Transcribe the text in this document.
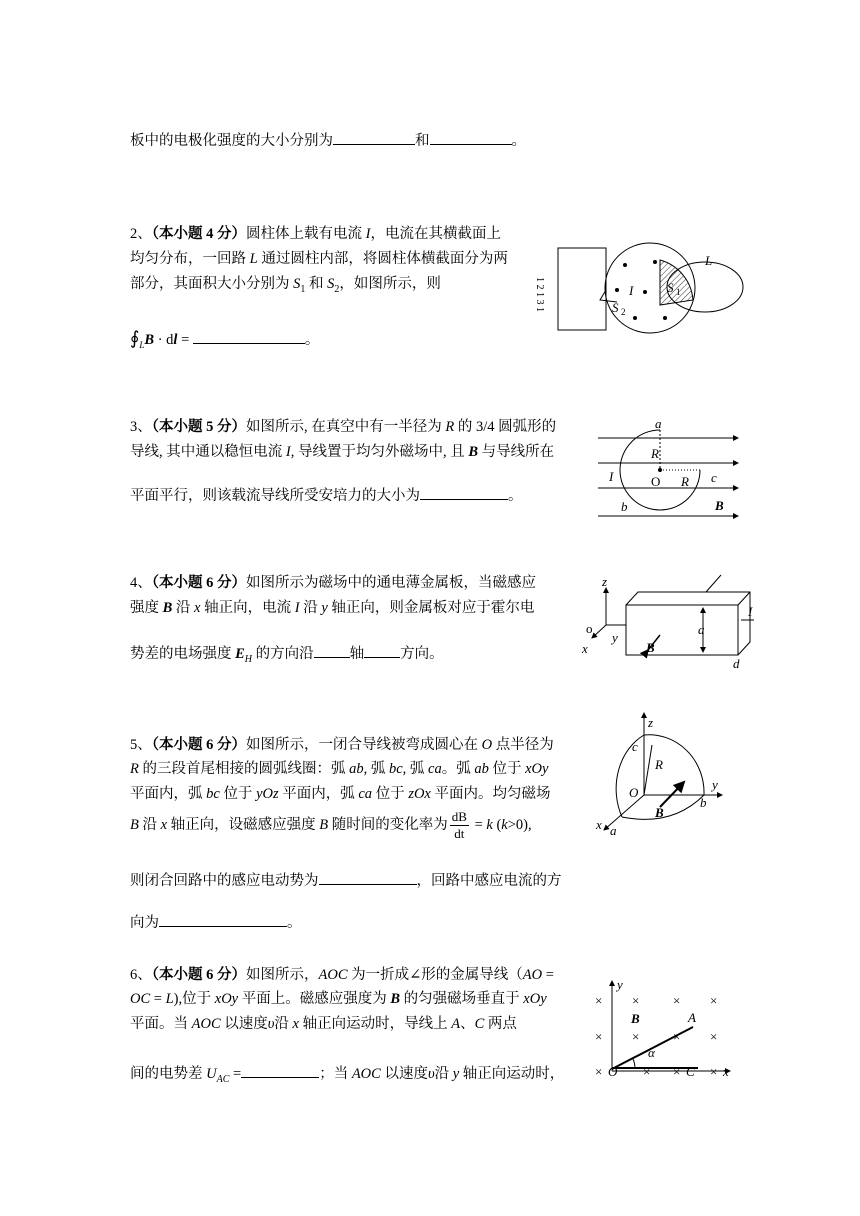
板中的电极化强度的大小分别为	和	。
2、（本小题 4 分）圆柱体上载有电流 I，电流在其横截面上
均匀分布，一回路 L 通过圆柱内部，将圆柱体横截面分为两
部分，其面积大小分别为 $S_1$ 和 $S_2$，如图所示，则
$∮_LB$ · dl =	。
1 2 1 3 1	I
L
S 1
S 2
3、（本小题 5 分）如图所示, 在真空中有一半径为 R 的 3/4 圆弧形的
导线, 其中通以稳恒电流 I, 导线置于均匀外磁场中, 且 B 与导线所在
平面平行，则该载流导线所受安培力的大小为	。
a
R
I	O R c
b	B
4、（本小题 6 分）如图所示为磁场中的通电薄金属板，当磁感应
强度 B 沿 x 轴正向，电流 I 沿 y 轴正向，则金属板对应于霍尔电
势差的电场强度 $E_H$ 的方向沿 轴 方向。
z
o
y
x	B
a
I
d
5、（本小题 6 分）如图所示，一闭合导线被弯成圆心在 O 点半径为
R 的三段首尾相接的圆弧线圈：弧 ab, 弧 bc, 弧 ca。弧 ab 位于 xOy
平面内，弧 bc 位于 yOz 平面内，弧 ca 位于 zOx 平面内。均匀磁场
B 沿 x 轴正向，设磁感应强度 B 随时间的变化率为 $\frac{dB}{dt} = k$ (k>0),
则闭合回路中的感应电动势为	，回路中感应电流的方
向为	。
z
c
R
y
O
b
B
x a
6、（本小题 6 分）如图所示，AOC 为一折成∠形的金属导线（AO =
OC = L),位于 xOy 平面上。磁感应强度为 B 的匀强磁场垂直于 xOy
平面。当 AOC 以速度υ沿 x 轴正向运动时，导线上 A、C 两点
间的电势差 $U_{AC}$ =	；当 AOC 以速度υ沿 y 轴正向运动时，
× ×	× ×
× ×	× ×
×	× × ×
y
B	A
α
O	C x
